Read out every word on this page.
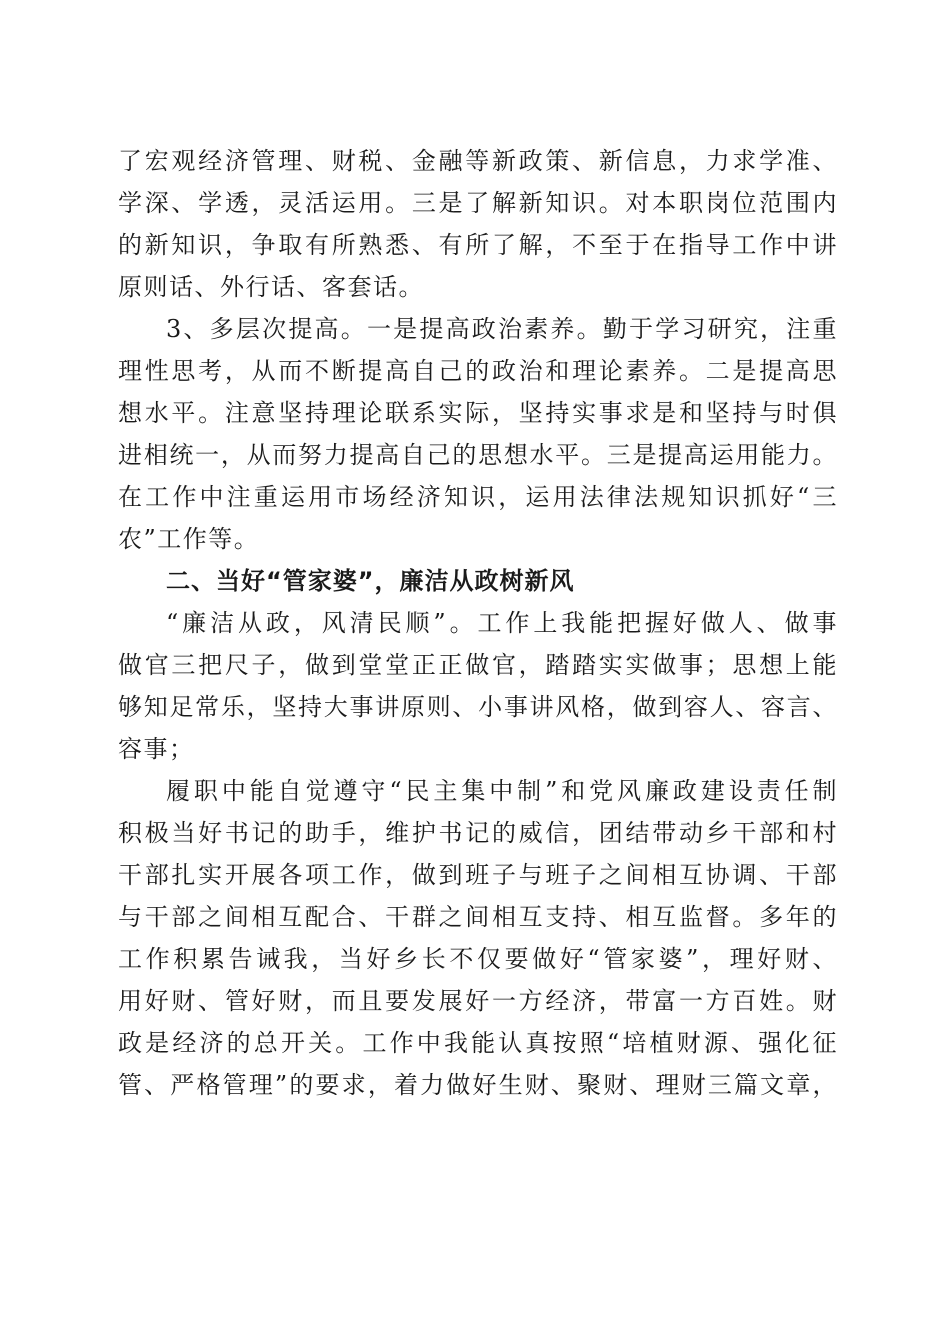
了宏观经济管理、财税、金融等新政策、新信息，力求学准、
学深、学透，灵活运用。三是了解新知识。对本职岗位范围内
的新知识，争取有所熟悉、有所了解，不至于在指导工作中讲
原则话、外行话、客套话。
3、多层次提高。一是提高政治素养。勤于学习研究，注重
理性思考，从而不断提高自己的政治和理论素养。二是提高思
想水平。注意坚持理论联系实际，坚持实事求是和坚持与时俱
进相统一，从而努力提高自己的思想水平。三是提高运用能力。
在工作中注重运用市场经济知识，运用法律法规知识抓好“三
农”工作等。
二、当好“管家婆”，廉洁从政树新风
“廉洁从政，风清民顺”。工作上我能把握好做人、做事
做官三把尺子，做到堂堂正正做官，踏踏实实做事；思想上能
够知足常乐，坚持大事讲原则、小事讲风格，做到容人、容言、
容事；
履职中能自觉遵守“民主集中制”和党风廉政建设责任制
积极当好书记的助手，维护书记的威信，团结带动乡干部和村
干部扎实开展各项工作，做到班子与班子之间相互协调、干部
与干部之间相互配合、干群之间相互支持、相互监督。多年的
工作积累告诫我，当好乡长不仅要做好“管家婆”，理好财、
用好财、管好财，而且要发展好一方经济，带富一方百姓。财
政是经济的总开关。工作中我能认真按照“培植财源、强化征
管、严格管理”的要求，着力做好生财、聚财、理财三篇文章，
